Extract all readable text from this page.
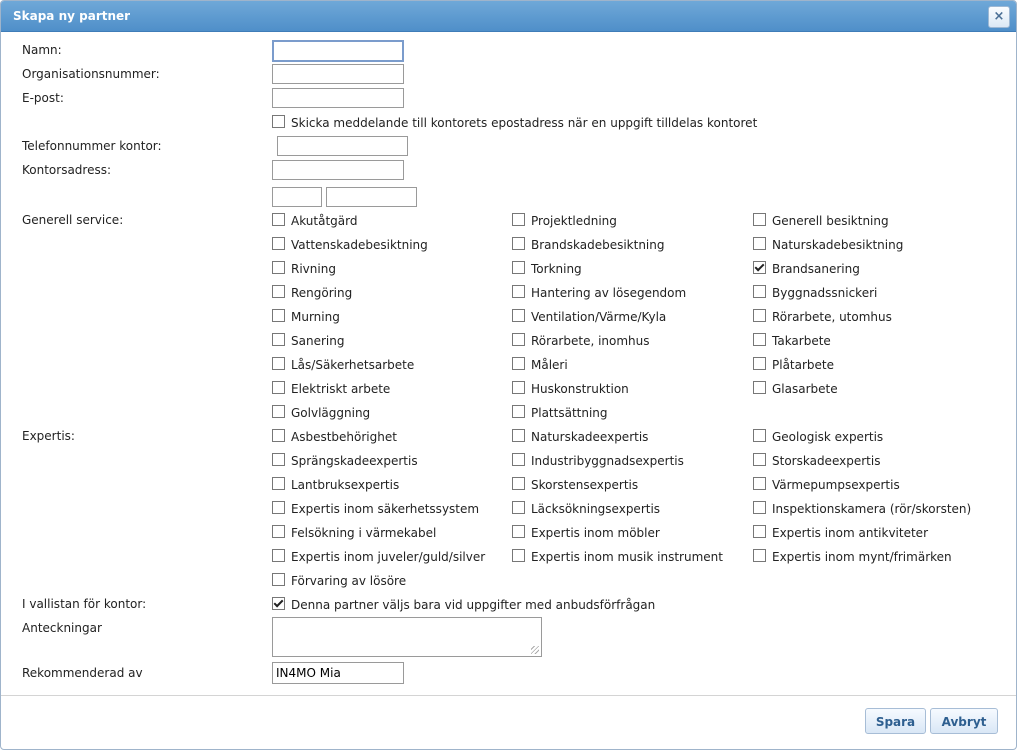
Skapa ny partner	×
Namn:
Organisationsnummer:
E-post:
Skicka meddelande till kontorets epostadress när en uppgift tilldelas kontoret
Telefonnummer kontor:
Kontorsadress:
Generell service:	Akutåtgärd	Projektledning	Generell besiktning
Vattenskadebesiktning	Brandskadebesiktning	Naturskadebesiktning
Rivning	Torkning	Brandsanering
Rengöring	Hantering av lösegendom	Byggnadssnickeri
Murning	Ventilation/Värme/Kyla	Rörarbete, utomhus
Sanering	Rörarbete, inomhus	Takarbete
Lås/Säkerhetsarbete	Måleri	Plåtarbete
Elektriskt arbete	Huskonstruktion	Glasarbete
Golvläggning	Plattsättning
Expertis:	Asbestbehörighet	Naturskadeexpertis	Geologisk expertis
Sprängskadeexpertis	Industribyggnadsexpertis	Storskadeexpertis
Lantbruksexpertis	Skorstensexpertis	Värmepumpsexpertis
Expertis inom säkerhetssystem	Läcksökningsexpertis	Inspektionskamera (rör/skorsten)
Felsökning i värmekabel	Expertis inom möbler	Expertis inom antikviteter
Expertis inom juveler/guld/silver	Expertis inom musik instrument	Expertis inom mynt/frimärken
Förvaring av lösöre
I vallistan för kontor:	Denna partner väljs bara vid uppgifter med anbudsförfrågan
Anteckningar
Rekommenderad av
IN4MO Mia
Spara	Avbryt
